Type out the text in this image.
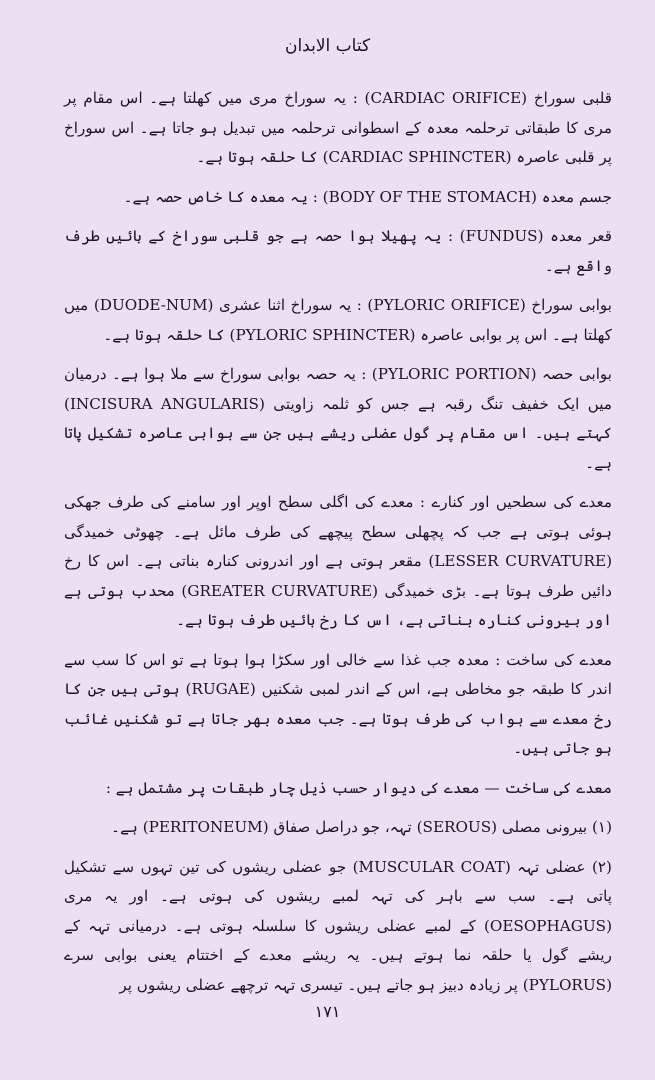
کتاب الابدان

قلبی سوراخ (CARDIAC ORIFICE) : یہ سوراخ مری میں کھلتا ہے۔ اس مقام پر مری کا طبقاتی ترحلمہ معدہ کے اسطوانی ترحلمہ میں تبدیل ہو جاتا ہے۔ اس سوراخ پر قلبی عاصرہ (CARDIAC SPHINCTER) کا حلقہ ہوتا ہے۔

جسم معدہ (BODY OF THE STOMACH) : یہ معدہ کا خاص حصہ ہے۔

قعر معدہ (FUNDUS) : یہ پھیلا ہوا حصہ ہے جو قلبی سوراخ کے بائیں طرف واقع ہے۔

بوابی سوراخ (PYLORIC ORIFICE) : یہ سوراخ اثنا عشری (DUODE-NUM) میں کھلتا ہے۔ اس پر بوابی عاصرہ (PYLORIC SPHINCTER) کا حلقہ ہوتا ہے۔

بوابی حصہ (PYLORIC PORTION) : یہ حصہ بوابی سوراخ سے ملا ہوا ہے۔ درمیان میں ایک خفیف تنگ رقبہ ہے جس کو ثلمہ زاویتی (INCISURA ANGULARIS) کہتے ہیں۔ اس مقام پر گول عضلی ریشے ہیں جن سے بوابی عاصرہ تشکیل پاتا ہے۔

معدے کی سطحیں اور کنارے : معدے کی اگلی سطح اوپر اور سامنے کی طرف جھکی ہوئی ہوتی ہے جب کہ پچھلی سطح پیچھے کی طرف مائل ہے۔ چھوٹی خمیدگی (LESSER CURVATURE) مقعر ہوتی ہے اور اندرونی کنارہ بناتی ہے۔ اس کا رخ دائیں طرف ہوتا ہے۔ بڑی خمیدگی (GREATER CURVATURE) محدب ہوتی ہے اور بیرونی کنارہ بناتی ہے، اس کا رخ بائیں طرف ہوتا ہے۔

معدے کی ساخت : معدہ جب غذا سے خالی اور سکڑا ہوا ہوتا ہے تو اس کا سب سے اندر کا طبقہ جو مخاطی ہے، اس کے اندر لمبی شکنیں (RUGAE) ہوتی ہیں جن کا رخ معدے سے بواب کی طرف ہوتا ہے۔ جب معدہ بھر جاتا ہے تو شکنیں غائب ہو جاتی ہیں۔

معدے کی ساخت — معدے کی دیوار حسب ذیل چار طبقات پر مشتمل ہے :

(۱) بیرونی مصلی (SEROUS) تہہ، جو دراصل صفاق (PERITONEUM) ہے۔

(۲) عضلی تہہ (MUSCULAR COAT) جو عضلی ریشوں کی تین تہوں سے تشکیل پاتی ہے۔ سب سے باہر کی تہہ لمبے ریشوں کی ہوتی ہے۔ اور یہ مری (OESOPHAGUS) کے لمبے عضلی ریشوں کا سلسلہ ہوتی ہے۔ درمیانی تہہ کے ریشے گول یا حلقہ نما ہوتے ہیں۔ یہ ریشے معدے کے اختتام یعنی بوابی سرے (PYLORUS) پر زیادہ دبیز ہو جاتے ہیں۔ تیسری تہہ ترچھے عضلی ریشوں پر

۱۷۱
